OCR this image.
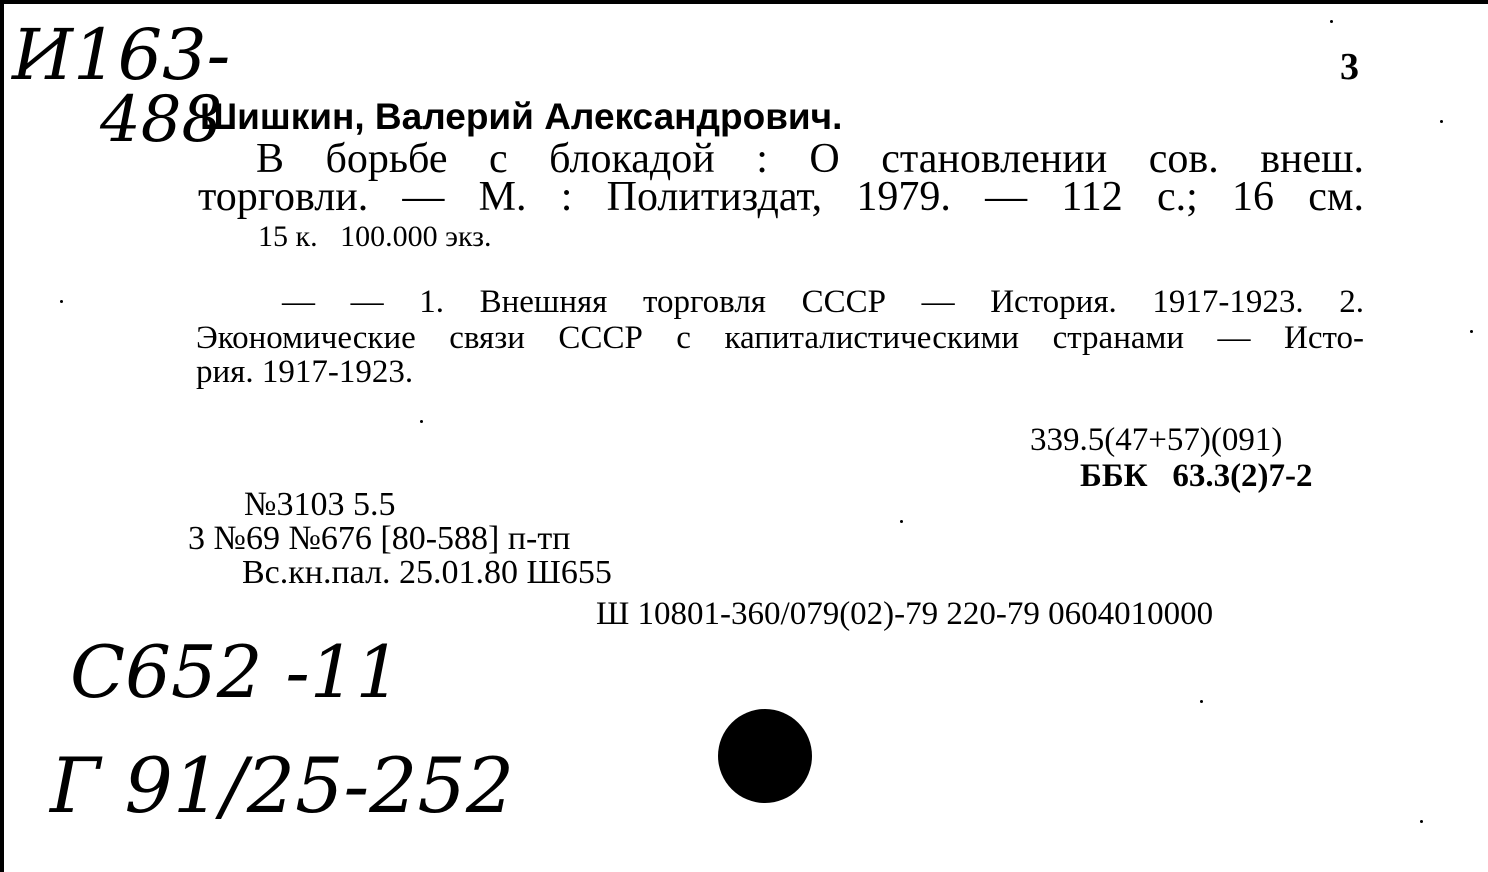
И163-
488
3
Шишкин, Валерий Александрович.
В борьбе с блокадой : О становлении сов. внеш.
торговли. — М. : Политиздат, 1979. — 112 с.; 16 см.
15 к.   100.000 экз.
— — 1. Внешняя торговля СССР — История. 1917-1923. 2.
Экономические связи СССР с капиталистическими странами — Исто-
рия. 1917-1923.
339.5(47+57)(091)
ББК   63.3(2)7-2
№3103 5.5
3 №69 №676 [80-588] п-тп
Вс.кн.пал. 25.01.80 Ш655
Ш 10801-360/079(02)-79 220-79 0604010000
С652 -11
Г 91/25-252
